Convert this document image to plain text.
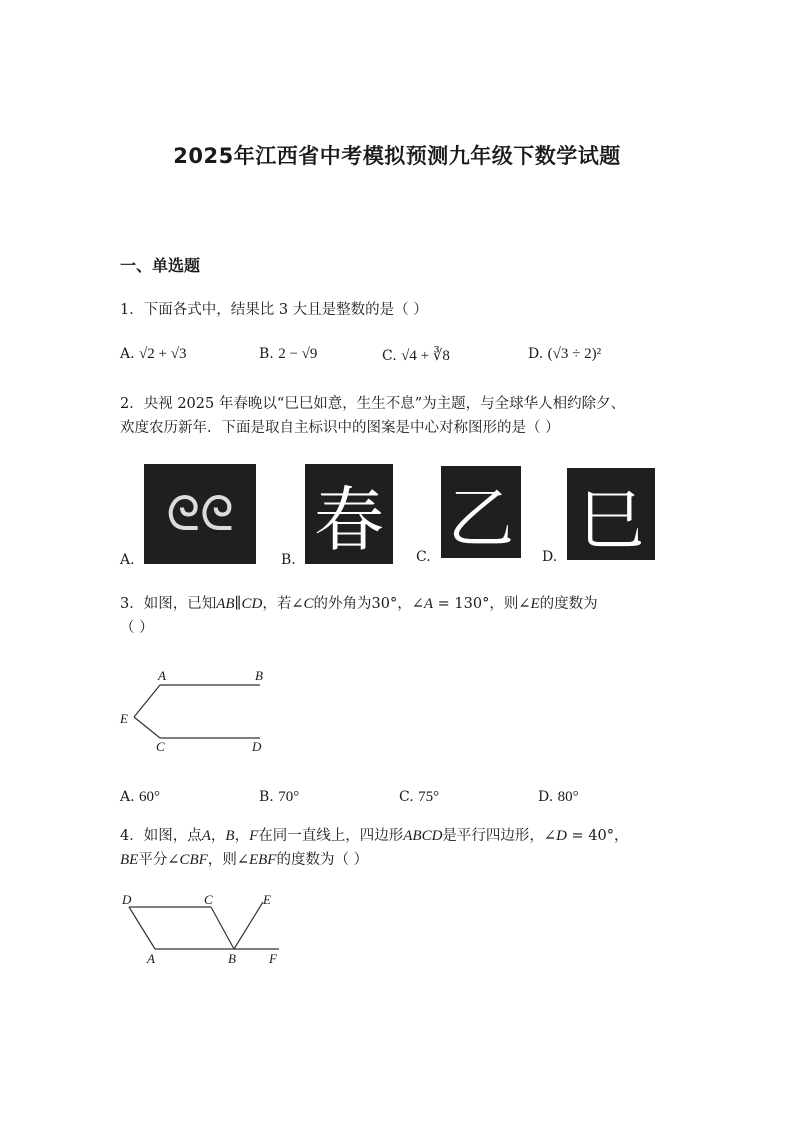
2025年江西省中考模拟预测九年级下数学试题
一、单选题
1．下面各式中，结果比 3 大且是整数的是（ ）
A. √2 + √3	B. 2 − √9	C. √4 + ∛8	D. (√3 ÷ 2)²
2．央视 2025 年春晚以“巳巳如意，生生不息”为主题，与全球华人相约除夕、
欢度农历新年．下面是取自主标识中的图案是中心对称图形的是（ ）
A.
ᘓᘓ
B. 春	C.
乙
D. 巳
3．如图，已知AB∥CD，若∠C的外角为30°，∠A = 130°，则∠E的度数为
（ ）
A	B
E
C	D
A. 60°	B. 70°	C. 75°	D. 80°
4．如图，点A，B，F在同一直线上，四边形ABCD是平行四边形，∠D = 40°，
BE平分∠CBF，则∠EBF的度数为（ ）
D	C	E
A	B	F
